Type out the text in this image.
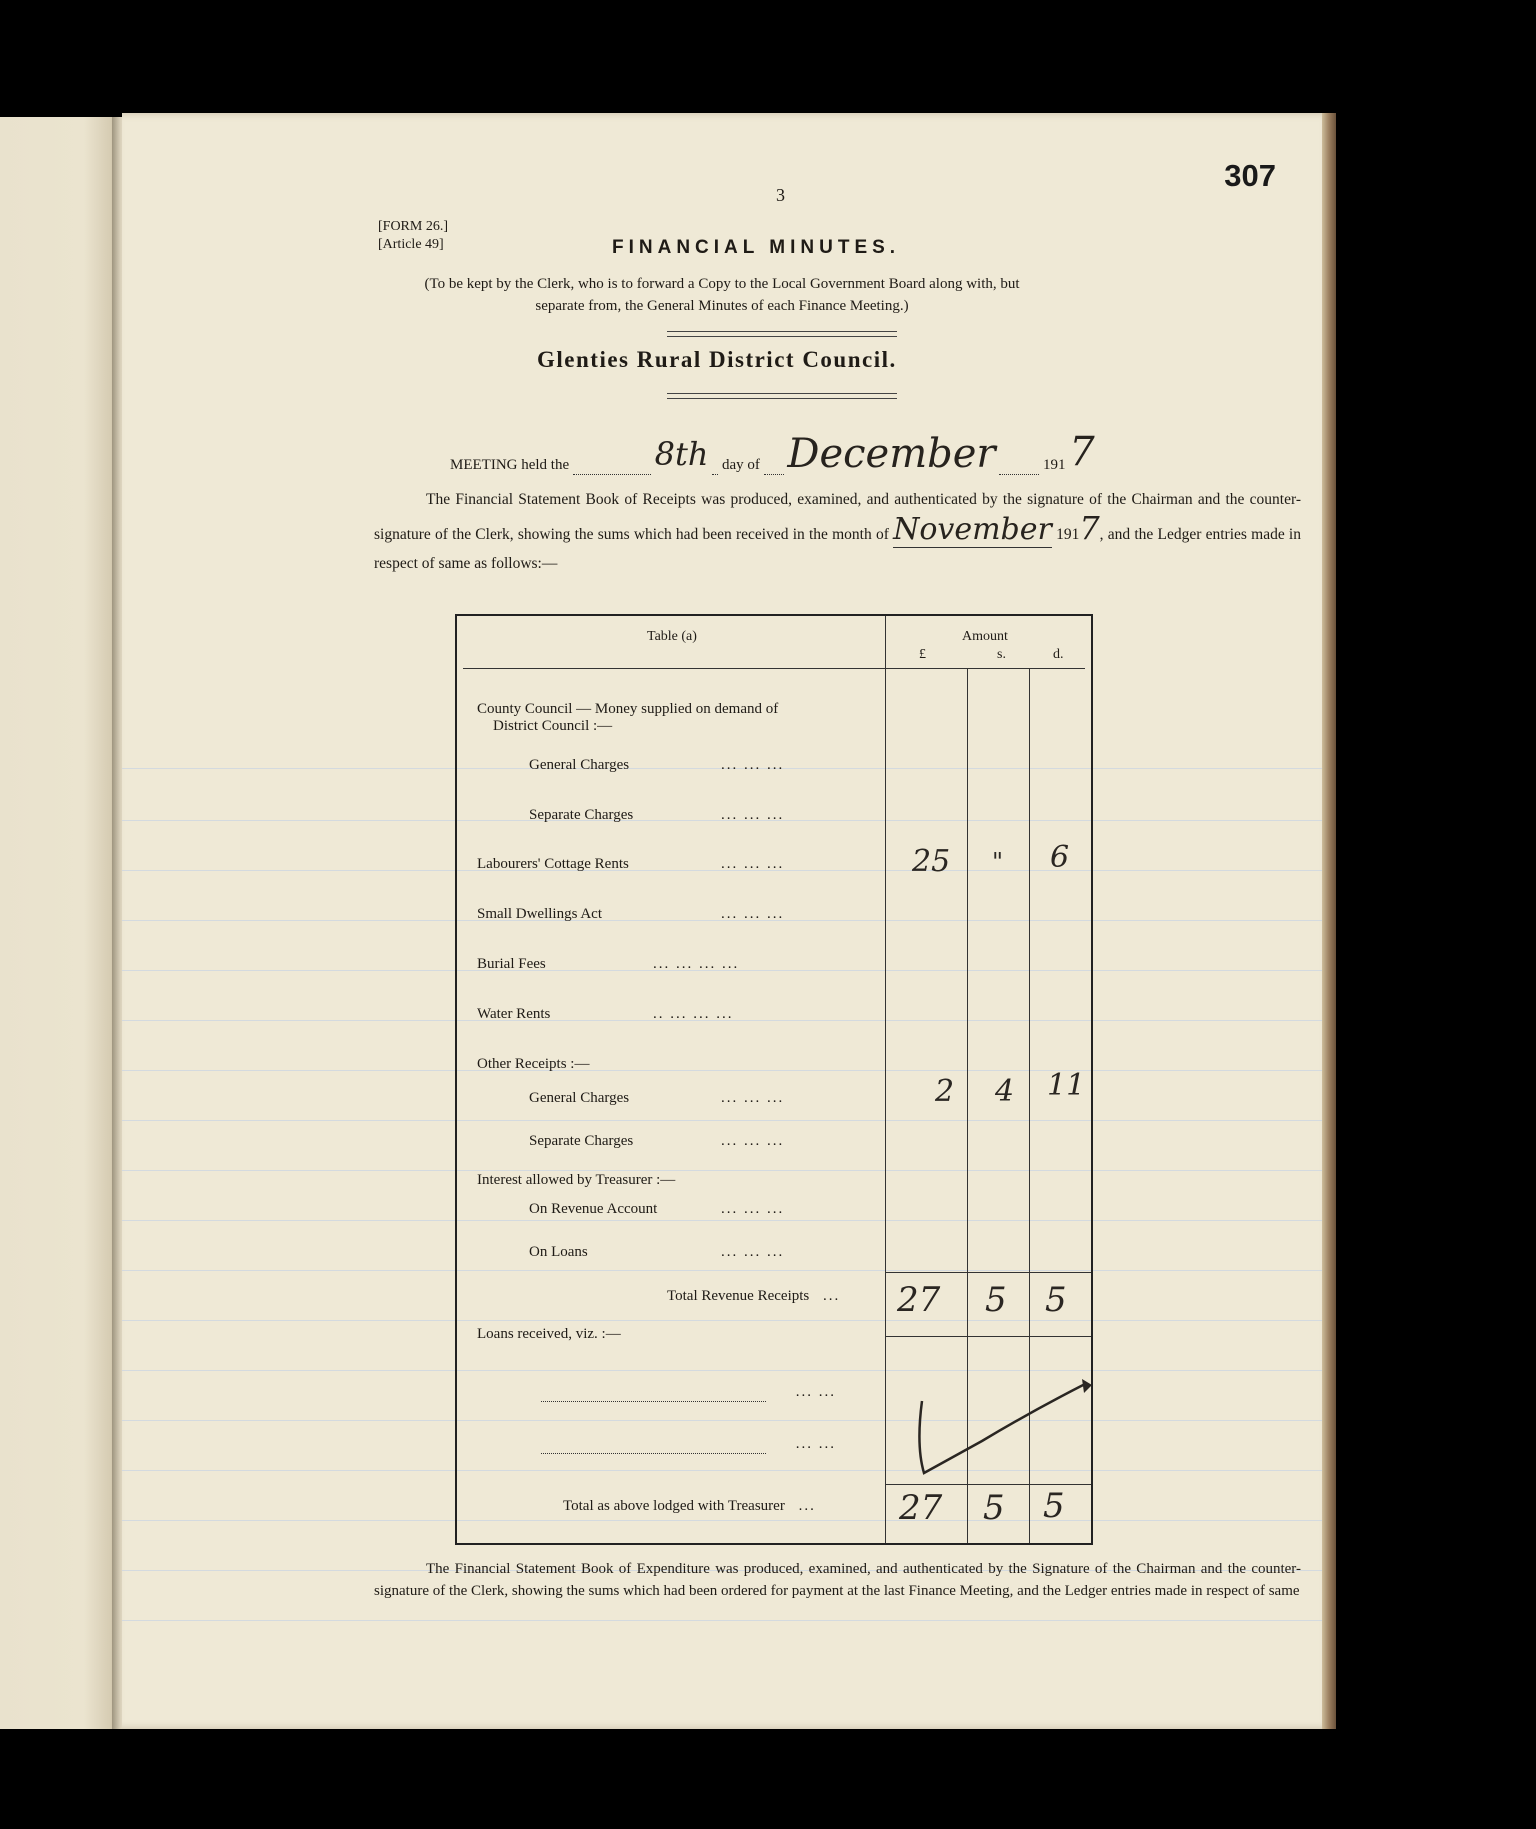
307
3
[FORM 26.]
[Article 49]	FINANCIAL MINUTES.
(To be kept by the Clerk, who is to forward a Copy to the Local Government Board along with, but
separate from, the General Minutes of each Finance Meeting.)
Glenties Rural District Council.
MEETING held the	8th day of December	191 7

The Financial Statement Book of Receipts was produced, examined, and authenticated by the signature of the Chairman and the counter-signature of the Clerk, showing the sums which had been received in the month of November 1917, and the Ledger entries made in respect of same as follows:—

Table (a)	Amount
£	s.	d.
County Council — Money supplied on demand of
District Council :—
General Charges	... ... ...
Separate Charges	... ... ...
Labourers' Cottage Rents	... ... ...	25 " 6
Small Dwellings Act	... ... ...
Burial Fees	... ... ... ...
Water Rents	.. ... ... ...
Other Receipts :—
General Charges	... ... ...	2 4 11
Separate Charges	... ... ...
Interest allowed by Treasurer :—
On Revenue Account	... ... ...
On Loans	... ... ...
Total Revenue Receipts ... 27 5 5
Loans received, viz. :—
... ...
... ...
Total as above lodged with Treasurer ... 27 5 5

The Financial Statement Book of Expenditure was produced, examined, and authenticated by the Signature of the Chairman and the counter-signature of the Clerk, showing the sums which had been ordered for payment at the last Finance Meeting, and the Ledger entries made in respect of same
